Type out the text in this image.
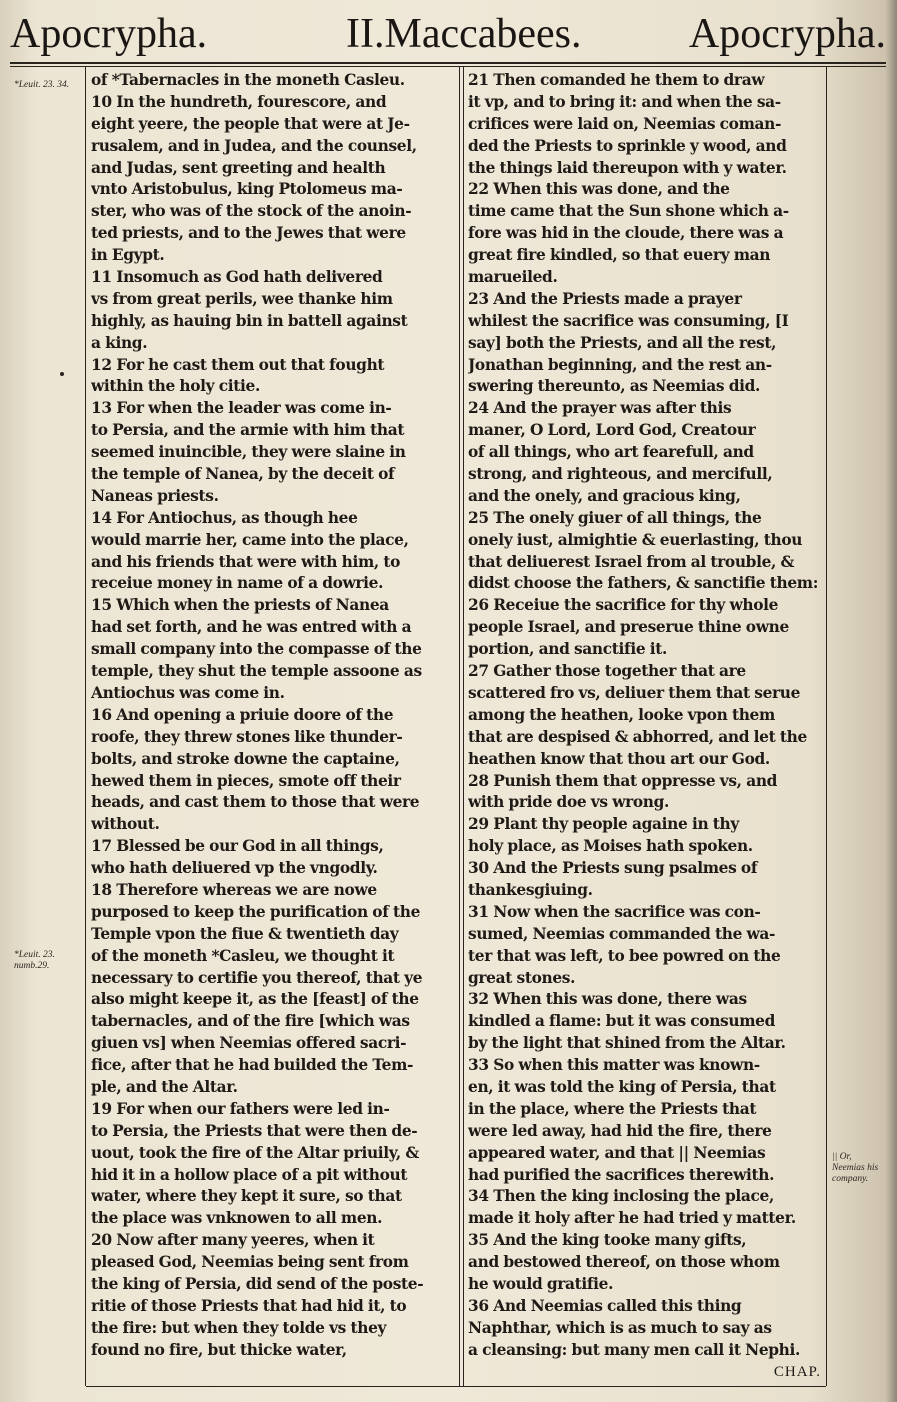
Apocrypha.	II.Maccabees.	Apocrypha.
*Leuit. 23. 34.
*Leuit. 23. numb.29.
|| Or, Neemias his company.
of *Tabernacles in the moneth Casleu.
10 In the hundreth, fourescore, and
eight yeere, the people that were at Je-
rusalem, and in Judea, and the counsel,
and Judas, sent greeting and health
vnto Aristobulus, king Ptolomeus ma-
ster, who was of the stock of the anoin-
ted priests, and to the Jewes that were
in Egypt.
11 Insomuch as God hath delivered
vs from great perils, wee thanke him
highly, as hauing bin in battell against
a king.
12 For he cast them out that fought
within the holy citie.
13 For when the leader was come in-
to Persia, and the armie with him that
seemed inuincible, they were slaine in
the temple of Nanea, by the deceit of
Naneas priests.
14 For Antiochus, as though hee
would marrie her, came into the place,
and his friends that were with him, to
receiue money in name of a dowrie.
15 Which when the priests of Nanea
had set forth, and he was entred with a
small company into the compasse of the
temple, they shut the temple assoone as
Antiochus was come in.
16 And opening a priuie doore of the
roofe, they threw stones like thunder-
bolts, and stroke downe the captaine,
hewed them in pieces, smote off their
heads, and cast them to those that were
without.
17 Blessed be our God in all things,
who hath deliuered vp the vngodly.
18 Therefore whereas we are nowe
purposed to keep the purification of the
Temple vpon the fiue & twentieth day
of the moneth *Casleu, we thought it
necessary to certifie you thereof, that ye
also might keepe it, as the [feast] of the
tabernacles, and of the fire [which was
giuen vs] when Neemias offered sacri-
fice, after that he had builded the Tem-
ple, and the Altar.
19 For when our fathers were led in-
to Persia, the Priests that were then de-
uout, took the fire of the Altar priuily, &
hid it in a hollow place of a pit without
water, where they kept it sure, so that
the place was vnknowen to all men.
20 Now after many yeeres, when it
pleased God, Neemias being sent from
the king of Persia, did send of the poste-
ritie of those Priests that had hid it, to
the fire: but when they tolde vs they
found no fire, but thicke water,
21 Then comanded he them to draw
it vp, and to bring it: and when the sa-
crifices were laid on, Neemias coman-
ded the Priests to sprinkle y wood, and
the things laid thereupon with y water.
22 When this was done, and the
time came that the Sun shone which a-
fore was hid in the cloude, there was a
great fire kindled, so that euery man
marueiled.
23 And the Priests made a prayer
whilest the sacrifice was consuming, [I
say] both the Priests, and all the rest,
Jonathan beginning, and the rest an-
swering thereunto, as Neemias did.
24 And the prayer was after this
maner, O Lord, Lord God, Creatour
of all things, who art fearefull, and
strong, and righteous, and mercifull,
and the onely, and gracious king,
25 The onely giuer of all things, the
onely iust, almightie & euerlasting, thou
that deliuerest Israel from al trouble, &
didst choose the fathers, & sanctifie them:
26 Receiue the sacrifice for thy whole
people Israel, and preserue thine owne
portion, and sanctifie it.
27 Gather those together that are
scattered fro vs, deliuer them that serue
among the heathen, looke vpon them
that are despised & abhorred, and let the
heathen know that thou art our God.
28 Punish them that oppresse vs, and
with pride doe vs wrong.
29 Plant thy people againe in thy
holy place, as Moises hath spoken.
30 And the Priests sung psalmes of
thankesgiuing.
31 Now when the sacrifice was con-
sumed, Neemias commanded the wa-
ter that was left, to bee powred on the
great stones.
32 When this was done, there was
kindled a flame: but it was consumed
by the light that shined from the Altar.
33 So when this matter was known-
en, it was told the king of Persia, that
in the place, where the Priests that
were led away, had hid the fire, there
appeared water, and that || Neemias
had purified the sacrifices therewith.
34 Then the king inclosing the place,
made it holy after he had tried y matter.
35 And the king tooke many gifts,
and bestowed thereof, on those whom
he would gratifie.
36 And Neemias called this thing
Naphthar, which is as much to say as
a cleansing: but many men call it Nephi.
CHAP.
